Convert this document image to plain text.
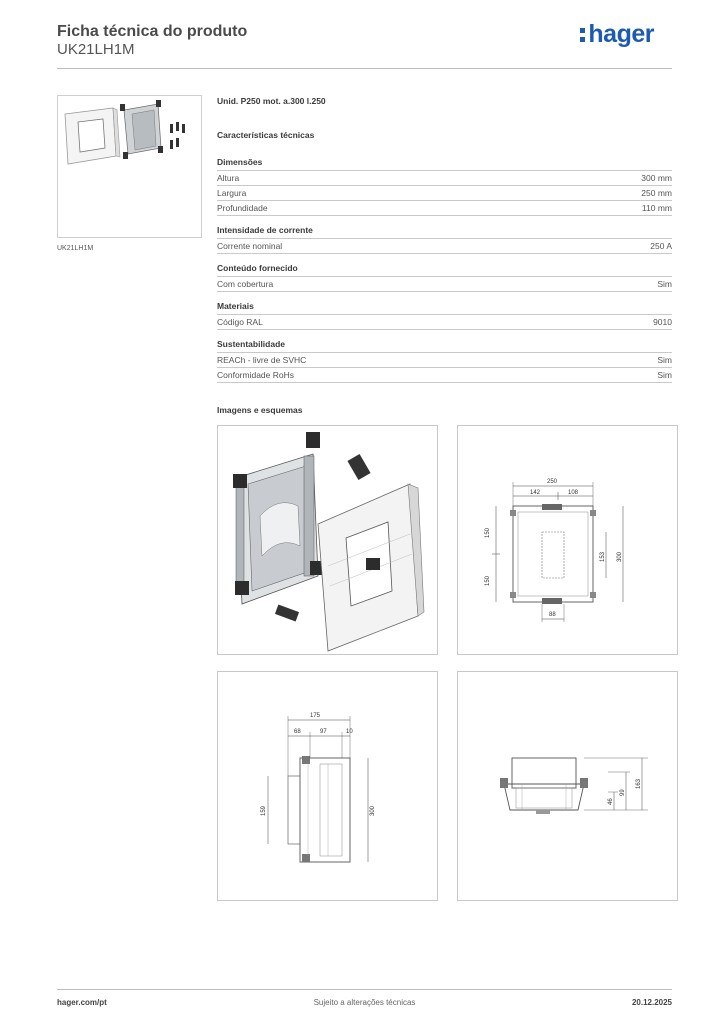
Ficha técnica do produto
UK21LH1M
hager
UK21LH1M
Unid. P250 mot. a.300 l.250
Características técnicas
Dimensões
Altura	300 mm
Largura	250 mm
Profundidade	110 mm
Intensidade de corrente
Corrente nominal	250 A
Conteúdo fornecido
Com cobertura	Sim
Materiais
Código RAL	9010
Sustentabilidade
REACh - livre de SVHC	Sim
Conformidade RoHs	Sim
Imagens e esquemas
250
142	108
150
150
153 300
88
175
68	97	10
159	300
46
99
163
hager.com/pt	Sujeito a alterações técnicas	20.12.2025
